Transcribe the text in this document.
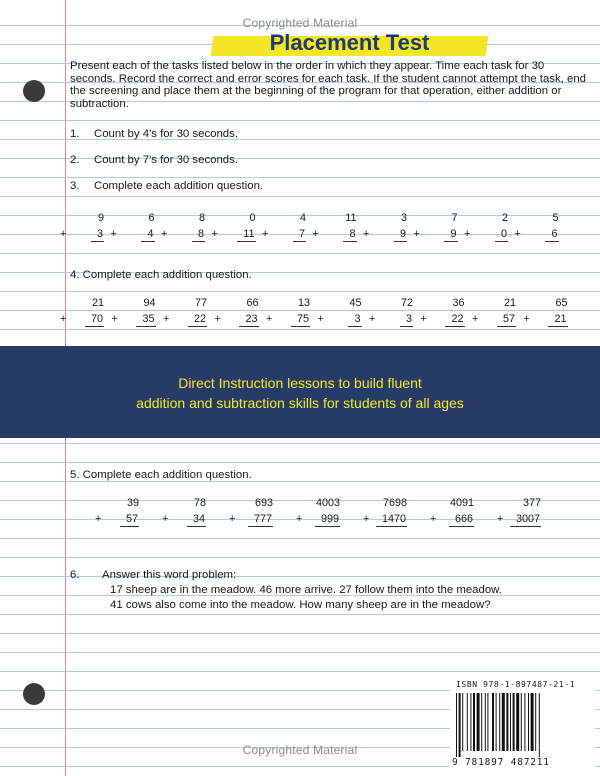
Copyrighted Material
Placement Test
Present each of the tasks listed below in the order in which they appear. Time each task for 30 seconds. Record the correct and error scores for each task. If the student cannot attempt the task, end the screening and place them at the beginning of the program for that operation, either addition or subtraction.
1. Count by 4's for 30 seconds.
2. Count by 7's for 30 seconds.
3. Complete each addition question.
9
+	3
6
+	4
8
+	8
0
+	11
4
+	7
11
+	8
3
+	9
7
+	9
2
+	0
5
+	6
4. Complete each addition question.
21
+	70
94
+	35
77
+	22
66
+	23
13
+	75
45
+	3
72
+	3
36
+	22
21
+	57
65
+	21
Direct Instruction lessons to build fluent
addition and subtraction skills for students of all ages
5. Complete each addition question.
39
+	57
78
+	34
693
+	777
4003
+	999
7698
+	1470
4091
+	666
377
+	3007
6. Answer this word problem:
17 sheep are in the meadow. 46 more arrive. 27 follow them into the meadow.
41 cows also come into the meadow. How many sheep are in the meadow?
ISBN 978-1-897487-21-1
9 781897 487211
Copyrighted Material
